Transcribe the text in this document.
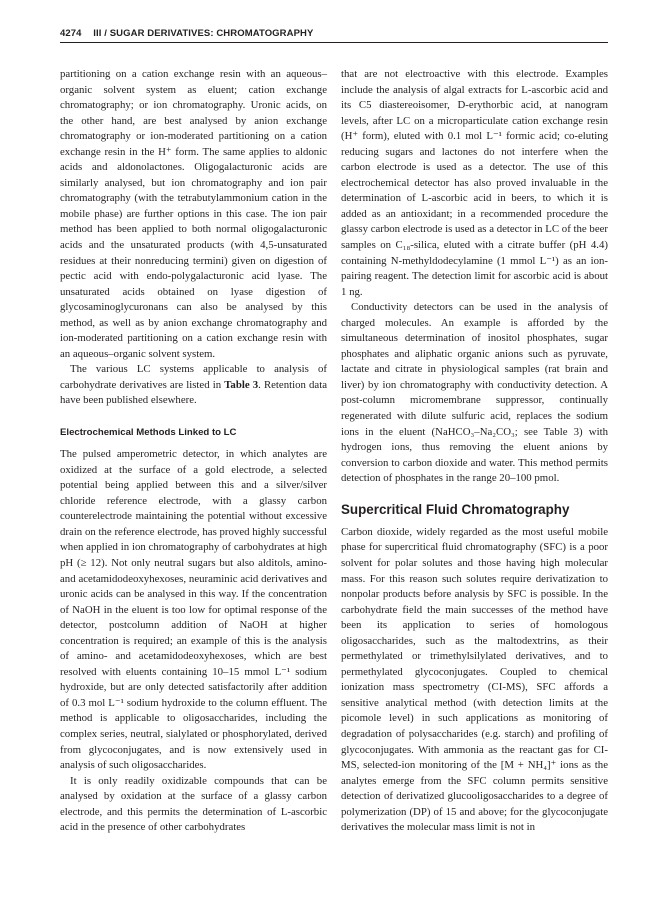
4274 III / SUGAR DERIVATIVES: CHROMATOGRAPHY

partitioning on a cation exchange resin with an aqueous–organic solvent system as eluent; cation exchange chromatography; or ion chromatography. Uronic acids, on the other hand, are best analysed by anion exchange chromatography or ion-moderated partitioning on a cation exchange resin in the H⁺ form. The same applies to aldonic acids and aldonolactones. Oligogalacturonic acids are similarly analysed, but ion chromatography and ion pair chromatography (with the tetrabutylammonium cation in the mobile phase) are further options in this case. The ion pair method has been applied to both normal oligogalacturonic acids and the unsaturated products (with 4,5-unsaturated residues at their nonreducing termini) given on digestion of pectic acid with endo-polygalacturonic acid lyase. The unsaturated acids obtained on lyase digestion of glycosaminoglycuronans can also be analysed by this method, as well as by anion exchange chromatography and ion-moderated partitioning on a cation exchange resin with an aqueous–organic solvent system.

The various LC systems applicable to analysis of carbohydrate derivatives are listed in Table 3. Retention data have been published elsewhere.

Electrochemical Methods Linked to LC

The pulsed amperometric detector, in which analytes are oxidized at the surface of a gold electrode, a selected potential being applied between this and a silver/silver chloride reference electrode, with a glassy carbon counterelectrode maintaining the potential without excessive drain on the reference electrode, has proved highly successful when applied in ion chromatography of carbohydrates at high pH (≥ 12). Not only neutral sugars but also alditols, amino- and acetamidodeoxyhexoses, neuraminic acid derivatives and uronic acids can be analysed in this way. If the concentration of NaOH in the eluent is too low for optimal response of the detector, postcolumn addition of NaOH at higher concentration is required; an example of this is the analysis of amino- and acetamidodeoxyhexoses, which are best resolved with eluents containing 10–15 mmol L⁻¹ sodium hydroxide, but are only detected satisfactorily after addition of 0.3 mol L⁻¹ sodium hydroxide to the column effluent. The method is applicable to oligosaccharides, including the complex series, neutral, sialylated or phosphorylated, derived from glycoconjugates, and is now extensively used in analysis of such oligosaccharides.

It is only readily oxidizable compounds that can be analysed by oxidation at the surface of a glassy carbon electrode, and this permits the determination of L-ascorbic acid in the presence of other carbohydrates

that are not electroactive with this electrode. Examples include the analysis of algal extracts for L-ascorbic acid and its C5 diastereoisomer, D-erythorbic acid, at nanogram levels, after LC on a microparticulate cation exchange resin (H⁺ form), eluted with 0.1 mol L⁻¹ formic acid; co-eluting reducing sugars and lactones do not interfere when the carbon electrode is used as a detector. The use of this electrochemical detector has also proved invaluable in the determination of L-ascorbic acid in beers, to which it is added as an antioxidant; in a recommended procedure the glassy carbon electrode is used as a detector in LC of the beer samples on C₁₈-silica, eluted with a citrate buffer (pH 4.4) containing N-methyldodecylamine (1 mmol L⁻¹) as an ion-pairing reagent. The detection limit for ascorbic acid is about 1 ng.

Conductivity detectors can be used in the analysis of charged molecules. An example is afforded by the simultaneous determination of inositol phosphates, sugar phosphates and aliphatic organic anions such as pyruvate, lactate and citrate in physiological samples (rat brain and liver) by ion chromatography with conductivity detection. A post-column micromembrane suppressor, continually regenerated with dilute sulfuric acid, replaces the sodium ions in the eluent (NaHCO₃–Na₂CO₃; see Table 3) with hydrogen ions, thus removing the eluent anions by conversion to carbon dioxide and water. This method permits detection of phosphates in the range 20–100 pmol.

Supercritical Fluid Chromatography

Carbon dioxide, widely regarded as the most useful mobile phase for supercritical fluid chromatography (SFC) is a poor solvent for polar solutes and those having high molecular mass. For this reason such solutes require derivatization to nonpolar products before analysis by SFC is possible. In the carbohydrate field the main successes of the method have been its application to series of homologous oligosaccharides, such as the maltodextrins, as their permethylated or trimethylsilylated derivatives, and to permethylated glycoconjugates. Coupled to chemical ionization mass spectrometry (CI-MS), SFC affords a sensitive analytical method (with detection limits at the picomole level) in such applications as monitoring of degradation of polysaccharides (e.g. starch) and profiling of glycoconjugates. With ammonia as the reactant gas for CI-MS, selected-ion monitoring of the [M + NH₄]⁺ ions as the analytes emerge from the SFC column permits sensitive detection of derivatized glucooligosaccharides to a degree of polymerization (DP) of 15 and above; for the glycoconjugate derivatives the molecular mass limit is not in
